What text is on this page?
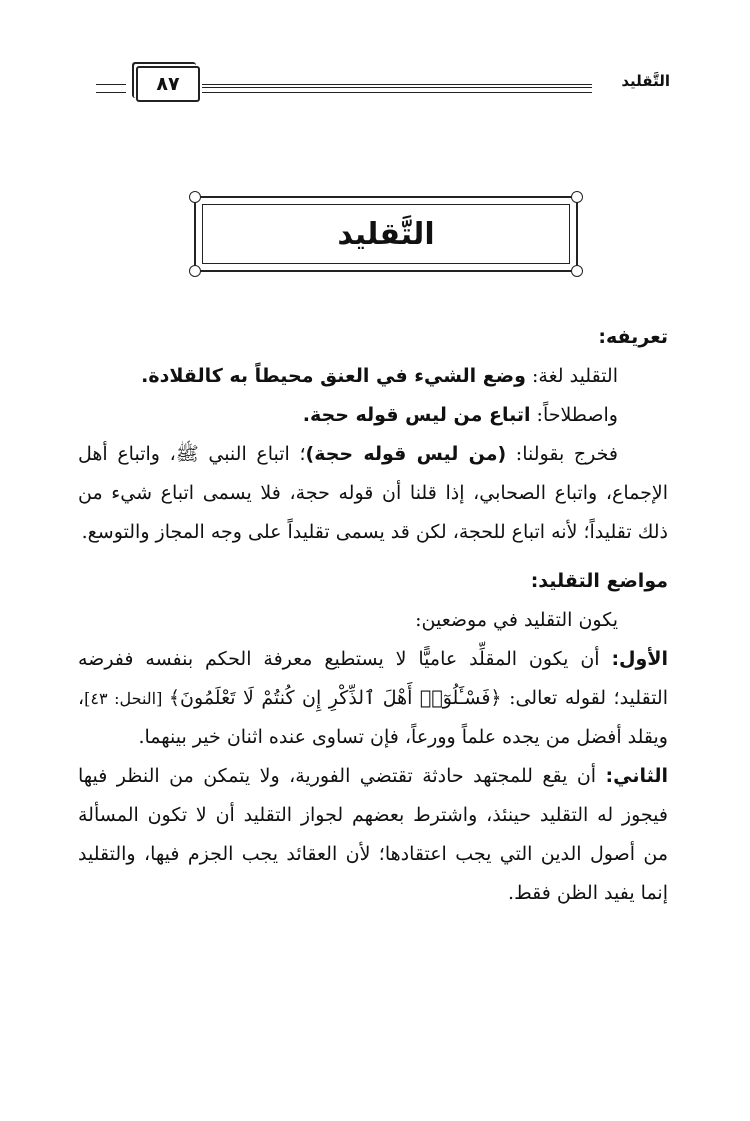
التَّقليد
٨٧
التَّقليد
تعريفه:

التقليد لغة: وضع الشيء في العنق محيطاً به كالقلادة.

واصطلاحاً: اتباع من ليس قوله حجة.

فخرج بقولنا: (من ليس قوله حجة)؛ اتباع النبي ﷺ، واتباع أهل الإجماع، واتباع الصحابي، إذا قلنا أن قوله حجة، فلا يسمى اتباع شيء من ذلك تقليداً؛ لأنه اتباع للحجة، لكن قد يسمى تقليداً على وجه المجاز والتوسع.

مواضع التقليد:

يكون التقليد في موضعين:

الأول: أن يكون المقلِّد عاميًّا لا يستطيع معرفة الحكم بنفسه ففرضه التقليد؛ لقوله تعالى: ﴿فَسْـَٔلُوٓا۟ أَهْلَ ٱلذِّكْرِ إِن كُنتُمْ لَا تَعْلَمُونَ﴾ [النحل: ٤٣]، ويقلد أفضل من يجده علماً وورعاً، فإن تساوى عنده اثنان خير بينهما.

الثاني: أن يقع للمجتهد حادثة تقتضي الفورية، ولا يتمكن من النظر فيها فيجوز له التقليد حينئذ، واشترط بعضهم لجواز التقليد أن لا تكون المسألة من أصول الدين التي يجب اعتقادها؛ لأن العقائد يجب الجزم فيها، والتقليد إنما يفيد الظن فقط.
